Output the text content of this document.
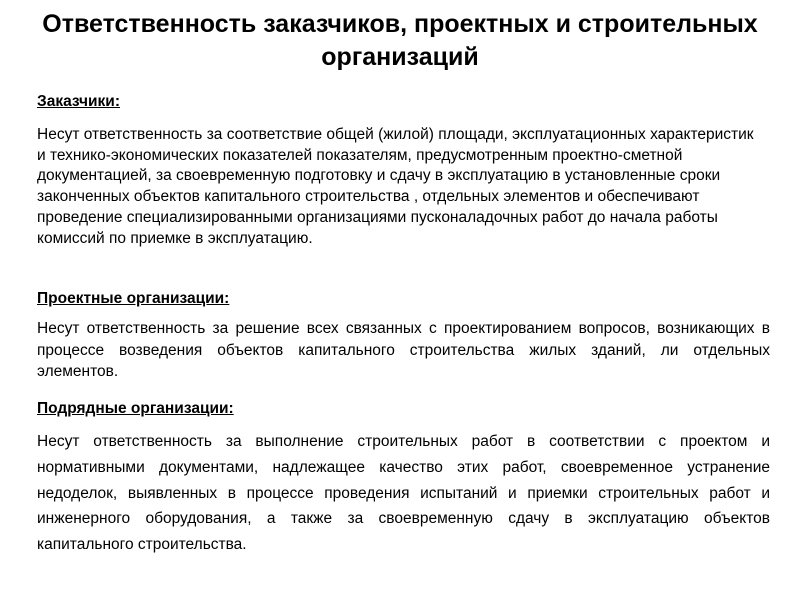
Ответственность заказчиков, проектных и строительных организаций
Заказчики:

Несут ответственность за соответствие общей (жилой) площади, эксплуатационных характеристик и технико-экономических показателей показателям, предусмотренным проектно-сметной документацией, за своевременную подготовку и сдачу в эксплуатацию в установленные сроки законченных объектов капитального строительства , отдельных элементов и обеспечивают проведение специализированными организациями пусконаладочных работ до начала работы комиссий по приемке в эксплуатацию.

Проектные организации:

Несут ответственность за решение всех связанных с проектированием вопросов, возникающих в процессе возведения объектов капитального строительства жилых зданий, ли отдельных элементов.

Подрядные организации:

Несут ответственность за выполнение строительных работ в соответствии с проектом и нормативными документами, надлежащее качество этих работ, своевременное устранение недоделок, выявленных в процессе проведения испытаний и приемки строительных работ и инженерного оборудования, а также за своевременную сдачу в эксплуатацию объектов капитального строительства.
